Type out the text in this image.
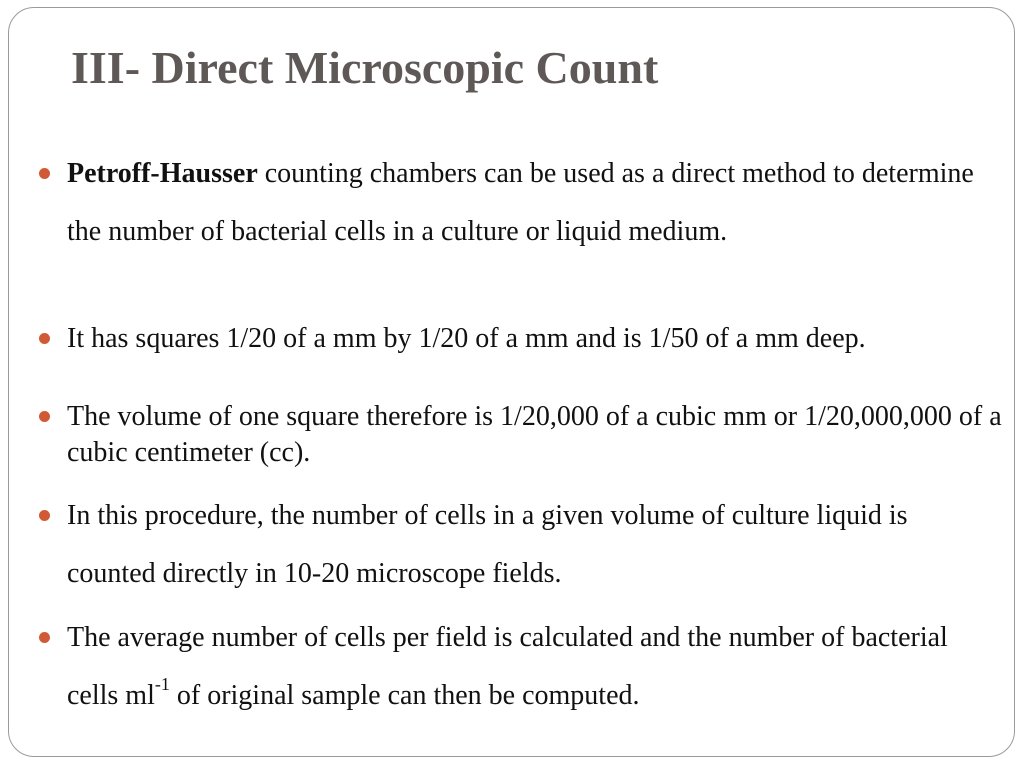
III- Direct Microscopic Count
Petroff-Hausser counting chambers can be used as a direct method to determine the number of bacterial cells in a culture or liquid medium.
It has squares 1/20 of a mm by 1/20 of a mm and is 1/50 of a mm deep.
The volume of one square therefore is 1/20,000 of a cubic mm or 1/20,000,000 of a cubic centimeter (cc).
In this procedure, the number of cells in a given volume of culture liquid is counted directly in 10-20 microscope fields.
The average number of cells per field is calculated and the number of bacterial cells $ml^{-1}$ of original sample can then be computed.
